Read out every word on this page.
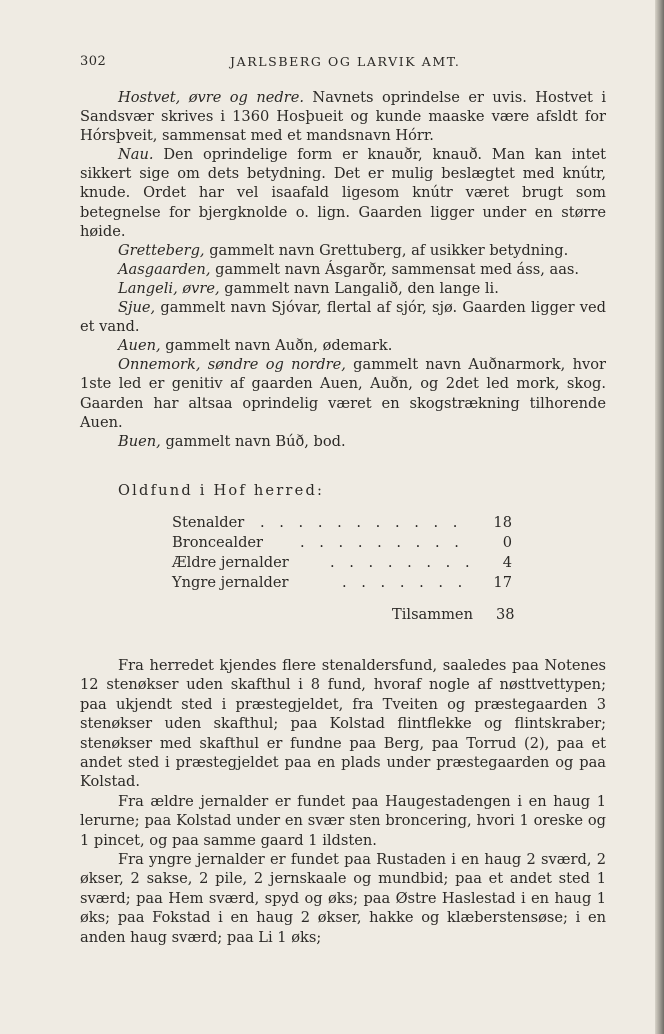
302	JARLSBERG OG LARVIK AMT.

Hostvet, øvre og nedre. Navnets oprindelse er uvis. Hostvet i Sandsvær skrives i 1360 Hosþueit og kunde maaske være afsldt for Hórsþveit, sammensat med et mandsnavn Hórr.

Nau. Den oprindelige form er knauðr, knauð. Man kan intet sikkert sige om dets betydning. Det er mulig beslægtet med knútr, knude. Ordet har vel isaafald ligesom knútr været brugt som betegnelse for bjergknolde o. lign. Gaarden ligger under en større høide.

Gretteberg, gammelt navn Grettuberg, af usikker betydning.

Aasgaarden, gammelt navn Ásgarðr, sammensat med áss, aas.

Langeli, øvre, gammelt navn Langalið, den lange li.

Sjue, gammelt navn Sjóvar, flertal af sjór, sjø. Gaarden ligger ved et vand.

Auen, gammelt navn Auðn, ødemark.

Onnemork, søndre og nordre, gammelt navn Auðnarmork, hvor 1ste led er genitiv af gaarden Auen, Auðn, og 2det led mork, skog. Gaarden har altsaa oprindelig været en skogstrækning tilhorende Auen.

Buen, gammelt navn Búð, bod.

Oldfund i Hof herred:
Stenalder . . . . . . . . . . . 18
Broncealder	. . . . . . . . .	0
Ældre jernalder	. . . . . . . . 4
Yngre jernalder	. . . . . . . 17
Tilsammen 38

Fra herredet kjendes flere stenaldersfund, saaledes paa Notenes 12 stenøkser uden skafthul i 8 fund, hvoraf nogle af nøsttvettypen; paa ukjendt sted i præstegjeldet, fra Tveiten og præstegaarden 3 stenøkser uden skafthul; paa Kolstad flintflekke og flintskraber; stenøkser med skafthul er fundne paa Berg, paa Torrud (2), paa et andet sted i præstegjeldet paa en plads under præstegaarden og paa Kolstad.

Fra ældre jernalder er fundet paa Haugestadengen i en haug 1 lerurne; paa Kolstad under en svær sten broncering, hvori 1 oreske og 1 pincet, og paa samme gaard 1 ildsten.

Fra yngre jernalder er fundet paa Rustaden i en haug 2 sværd, 2 økser, 2 sakse, 2 pile, 2 jernskaale og mundbid; paa et andet sted 1 sværd; paa Hem sværd, spyd og øks; paa Østre Haslestad i en haug 1 øks; paa Fokstad i en haug 2 økser, hakke og klæberstensøse; i en anden haug sværd; paa Li 1 øks;
